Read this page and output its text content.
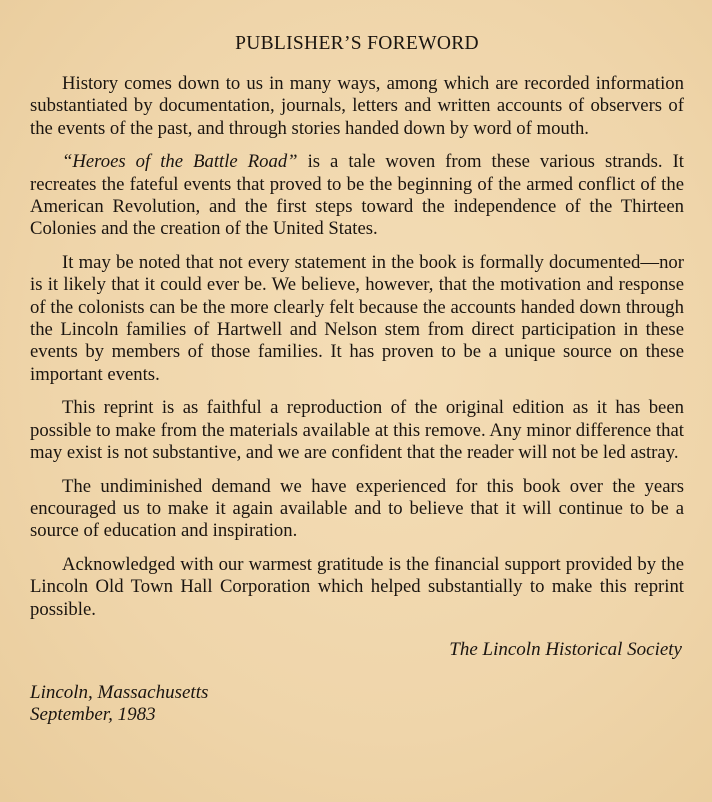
PUBLISHER’S FOREWORD

History comes down to us in many ways, among which are recorded information substantiated by documentation, journals, letters and written accounts of observers of the events of the past, and through stories handed down by word of mouth.

“Heroes of the Battle Road” is a tale woven from these various strands. It recreates the fateful events that proved to be the beginning of the armed conflict of the American Revolution, and the first steps toward the independence of the Thirteen Colonies and the creation of the United States.

It may be noted that not every statement in the book is formally documented—nor is it likely that it could ever be. We believe, however, that the motivation and response of the colonists can be the more clearly felt because the accounts handed down through the Lincoln families of Hartwell and Nelson stem from direct participation in these events by members of those families. It has proven to be a unique source on these important events.

This reprint is as faithful a reproduction of the original edition as it has been possible to make from the materials available at this remove. Any minor difference that may exist is not substantive, and we are confident that the reader will not be led astray.

The undiminished demand we have experienced for this book over the years encouraged us to make it again available and to believe that it will continue to be a source of education and inspiration.

Acknowledged with our warmest gratitude is the financial support provided by the Lincoln Old Town Hall Corporation which helped substantially to make this reprint possible.

The Lincoln Historical Society
Lincoln, Massachusetts
September, 1983
